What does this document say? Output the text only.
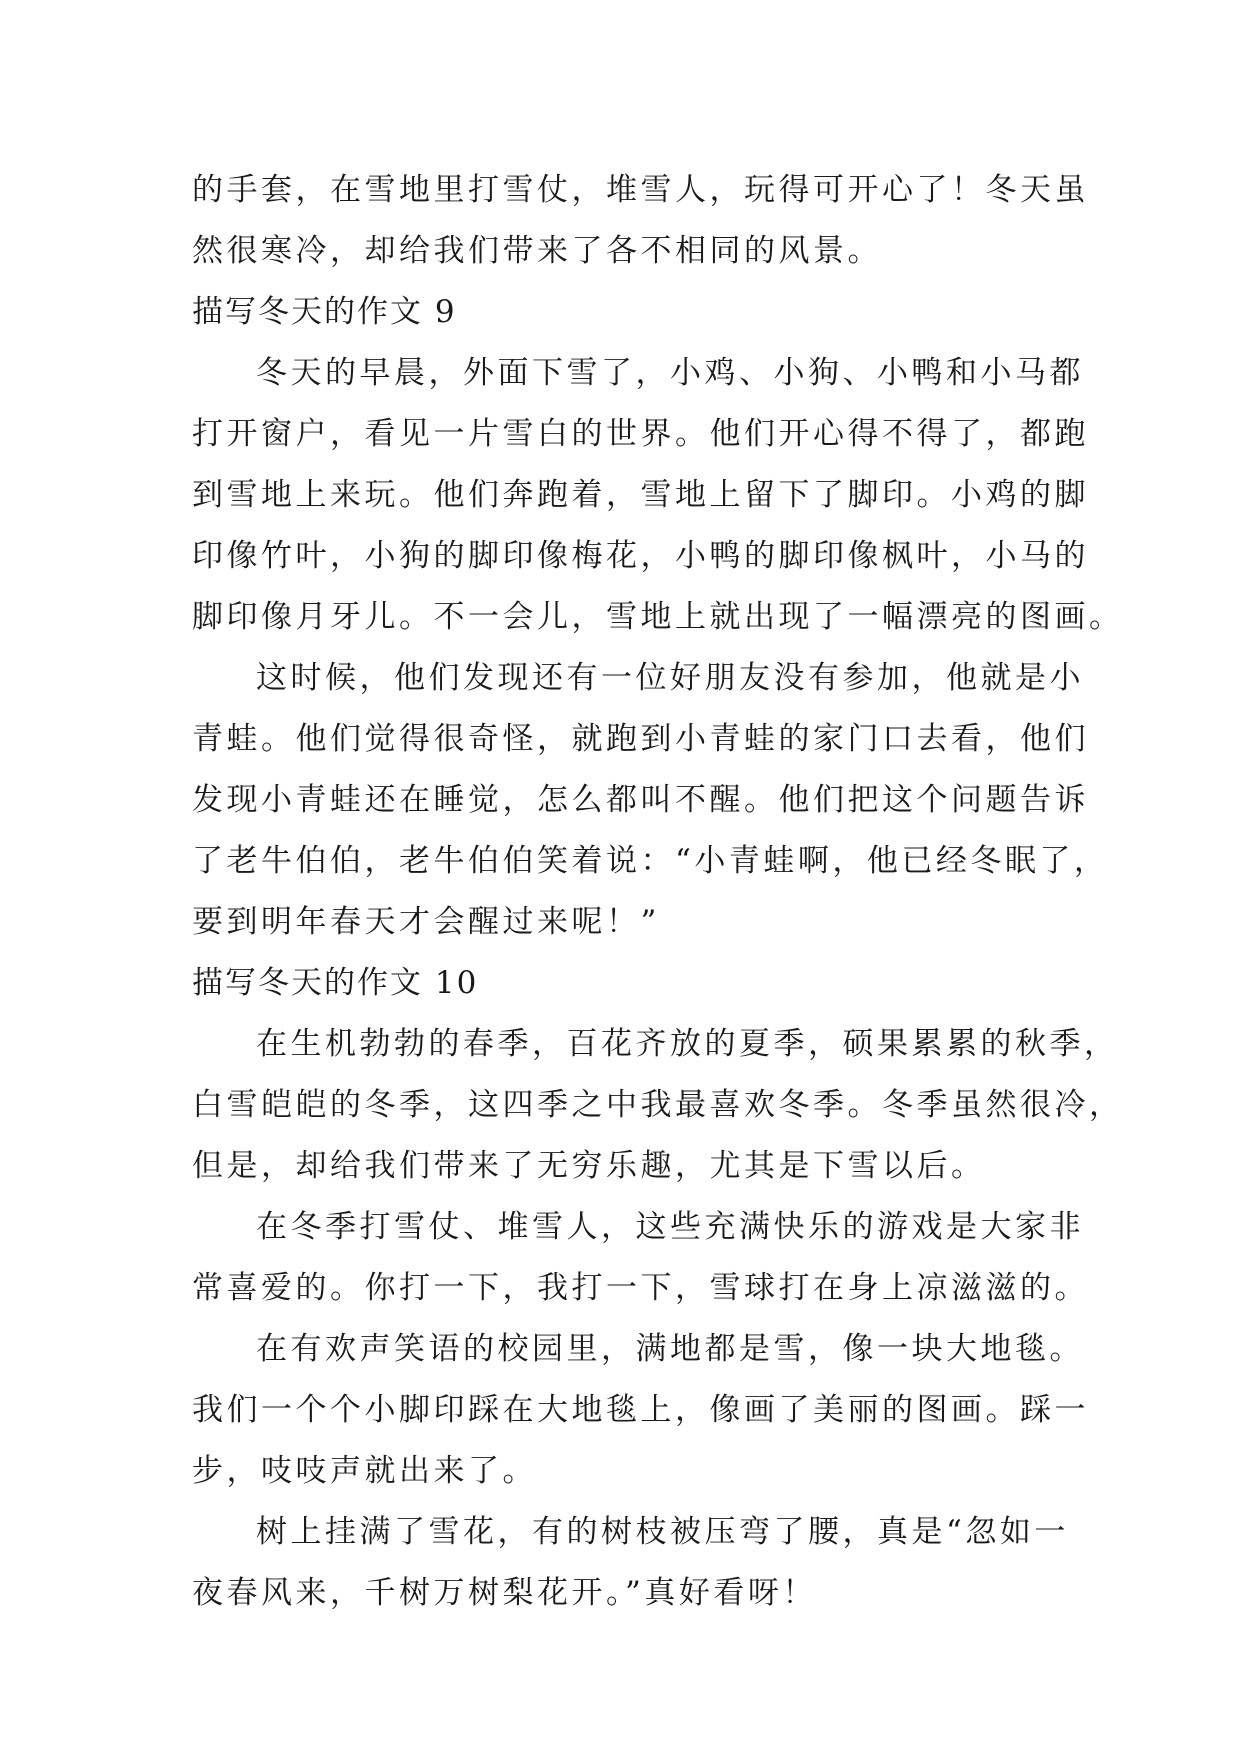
的手套，在雪地里打雪仗，堆雪人，玩得可开心了！冬天虽
然很寒冷，却给我们带来了各不相同的风景。
描写冬天的作文 9
冬天的早晨，外面下雪了，小鸡、小狗、小鸭和小马都
打开窗户，看见一片雪白的世界。他们开心得不得了，都跑
到雪地上来玩。他们奔跑着，雪地上留下了脚印。小鸡的脚
印像竹叶，小狗的脚印像梅花，小鸭的脚印像枫叶，小马的
脚印像月牙儿。不一会儿，雪地上就出现了一幅漂亮的图画。
这时候，他们发现还有一位好朋友没有参加，他就是小
青蛙。他们觉得很奇怪，就跑到小青蛙的家门口去看，他们
发现小青蛙还在睡觉，怎么都叫不醒。他们把这个问题告诉
了老牛伯伯，老牛伯伯笑着说：“小青蛙啊，他已经冬眠了，
要到明年春天才会醒过来呢！”
描写冬天的作文 10
在生机勃勃的春季，百花齐放的夏季，硕果累累的秋季，
白雪皑皑的冬季，这四季之中我最喜欢冬季。冬季虽然很冷，
但是，却给我们带来了无穷乐趣，尤其是下雪以后。
在冬季打雪仗、堆雪人，这些充满快乐的游戏是大家非
常喜爱的。你打一下，我打一下，雪球打在身上凉滋滋的。
在有欢声笑语的校园里，满地都是雪，像一块大地毯。
我们一个个小脚印踩在大地毯上，像画了美丽的图画。踩一
步，吱吱声就出来了。
树上挂满了雪花，有的树枝被压弯了腰，真是“忽如一
夜春风来，千树万树梨花开。”真好看呀！
